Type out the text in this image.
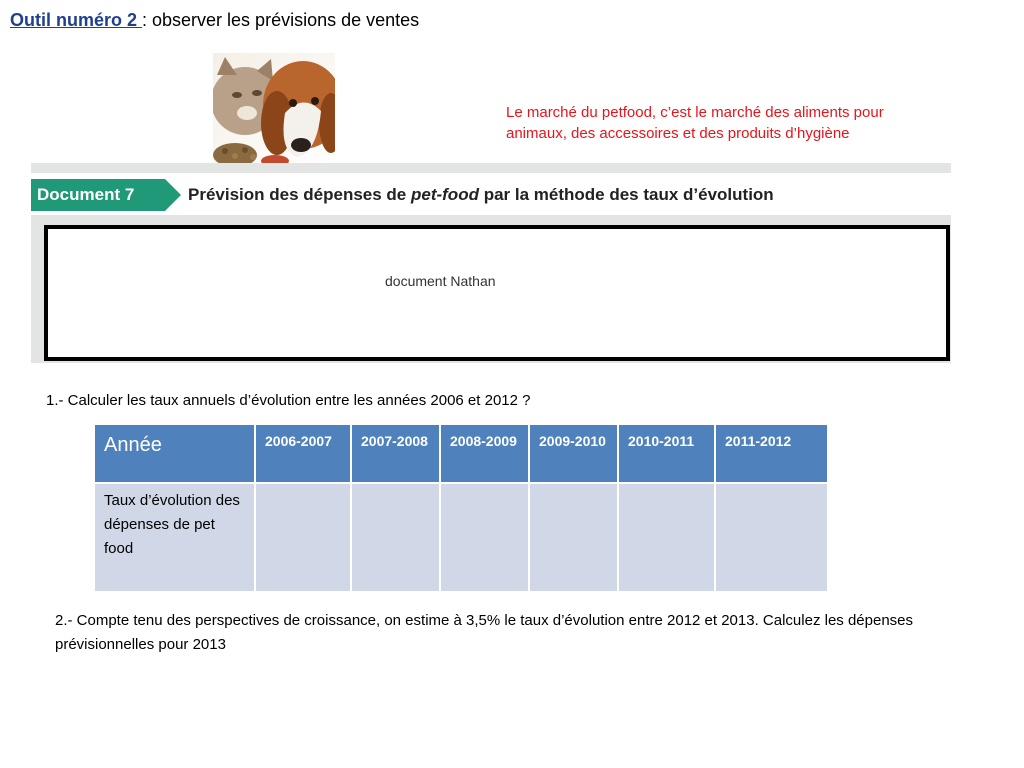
Outil numéro 2 : observer les prévisions de ventes
Le marché du petfood, c’est le marché des aliments pour animaux, des accessoires et des produits d’hygiène
Document 7	Prévision des dépenses de pet-food par la méthode des taux d’évolution
document Nathan
1.- Calculer les taux annuels d’évolution entre les années 2006 et 2012 ?
Année	2006-2007	2007-2008	2008-2009	2009-2010	2010-2011	2011-2012
Taux d’évolution des dépenses de pet food						
2.- Compte tenu des perspectives de croissance, on estime à 3,5% le taux d’évolution entre 2012 et 2013. Calculez les dépenses prévisionnelles pour 2013
